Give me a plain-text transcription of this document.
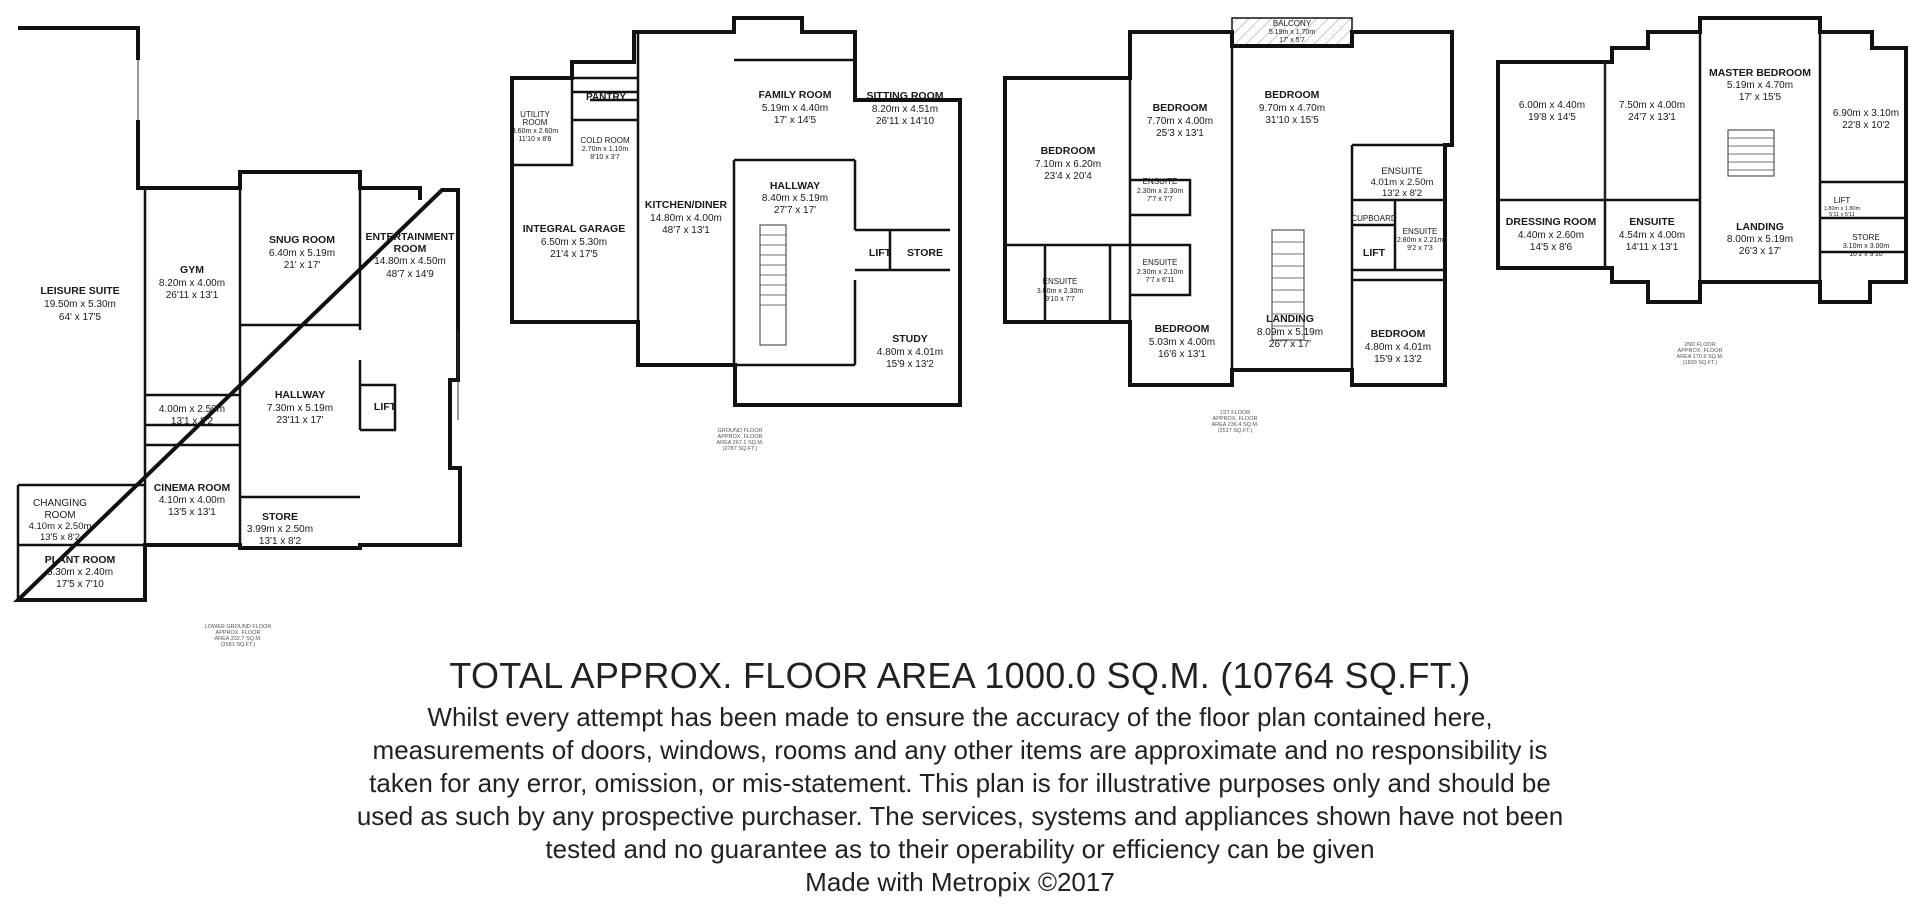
LEISURE SUITE
19.50m x 5.30m
64' x 17'5
GYM
8.20m x 4.00m
26'11 x 13'1
SNUG ROOM
6.40m x 5.19m
21' x 17'
ENTERTAINMENT
ROOM
14.80m x 4.50m
48'7 x 14'9
4.00m x 2.50m
13'1 x 8'2
HALLWAY
7.30m x 5.19m
23'11 x 17'
LIFT
CHANGING
ROOM
4.10m x 2.50m
13'5 x 8'2
CINEMA ROOM
4.10m x 4.00m
13'5 x 13'1	STORE
3.99m x 2.50m
13'1 x 8'2
PLANT ROOM
5.30m x 2.40m
17'5 x 7'10
LOWER GROUND FLOOR
APPROX. FLOOR
AREA 332.7 SQ.M.
(3581 SQ.FT.)
PANTRY
UTILITY
ROOM
3.60m x 2.60m
11'10 x 8'6	COLD ROOM
2.70m x 1.10m
8'10 x 3'7
FAMILY ROOM
5.19m x 4.40m
17' x 14'5
SITTING ROOM
8.20m x 4.51m
26'11 x 14'10
KITCHEN/DINER
14.80m x 4.00m
48'7 x 13'1
HALLWAY
8.40m x 5.19m
27'7 x 17'
INTEGRAL GARAGE
6.50m x 5.30m
21'4 x 17'5	LIFT STORE
STUDY
4.80m x 4.01m
15'9 x 13'2
GROUND FLOOR
APPROX. FLOOR
AREA 267.1 SQ.M.
(2787 SQ.FT.)
BALCONY
5.19m x 1.70m
17' x 5'7
BEDROOM
7.10m x 6.20m
23'4 x 20'4
BEDROOM
7.70m x 4.00m
25'3 x 13'1
BEDROOM
9.70m x 4.70m
31'10 x 15'5
ENSUITE
2.30m x 2.30m
7'7 x 7'7
ENSUITE
4.01m x 2.50m
13'2 x 8'2
CUPBOARD
ENSUITE
2.80m x 2.21m
9'2 x 7'3
LIFT
ENSUITE
2.30m x 2.10m
7'7 x 6'11
ENSUITE
3.00m x 2.30m
9'10 x 7'7
BEDROOM
5.03m x 4.00m
16'6 x 13'1
LANDING
8.09m x 5.19m
26'7 x 17'
BEDROOM
4.80m x 4.01m
15'9 x 13'2
1ST FLOOR
APPROX. FLOOR
AREA 236.4 SQ.M.
(2517 SQ.FT.)
MASTER BEDROOM
5.19m x 4.70m
17' x 15'5
6.00m x 4.40m
19'8 x 14'5
7.50m x 4.00m
24'7 x 13'1	6.90m x 3.10m
22'8 x 10'2
LIFT
1.80m x 1.80m
5'11 x 5'11
DRESSING ROOM
4.40m x 2.60m
14'5 x 8'6
ENSUITE
4.54m x 4.00m
14'11 x 13'1
LANDING
8.00m x 5.19m
26'3 x 17'
STORE
3.10m x 3.00m
10'2 x 9'10
2ND FLOOR
APPROX. FLOOR
AREA 170.9 SQ.M.
(1839 SQ.FT.)
TOTAL APPROX. FLOOR AREA 1000.0 SQ.M. (10764 SQ.FT.)
Whilst every attempt has been made to ensure the accuracy of the floor plan contained here, measurements of doors, windows, rooms and any other items are approximate and no responsibility is taken for any error, omission, or mis-statement. This plan is for illustrative purposes only and should be used as such by any prospective purchaser. The services, systems and appliances shown have not been tested and no guarantee as to their operability or efficiency can be given
Made with Metropix ©2017
